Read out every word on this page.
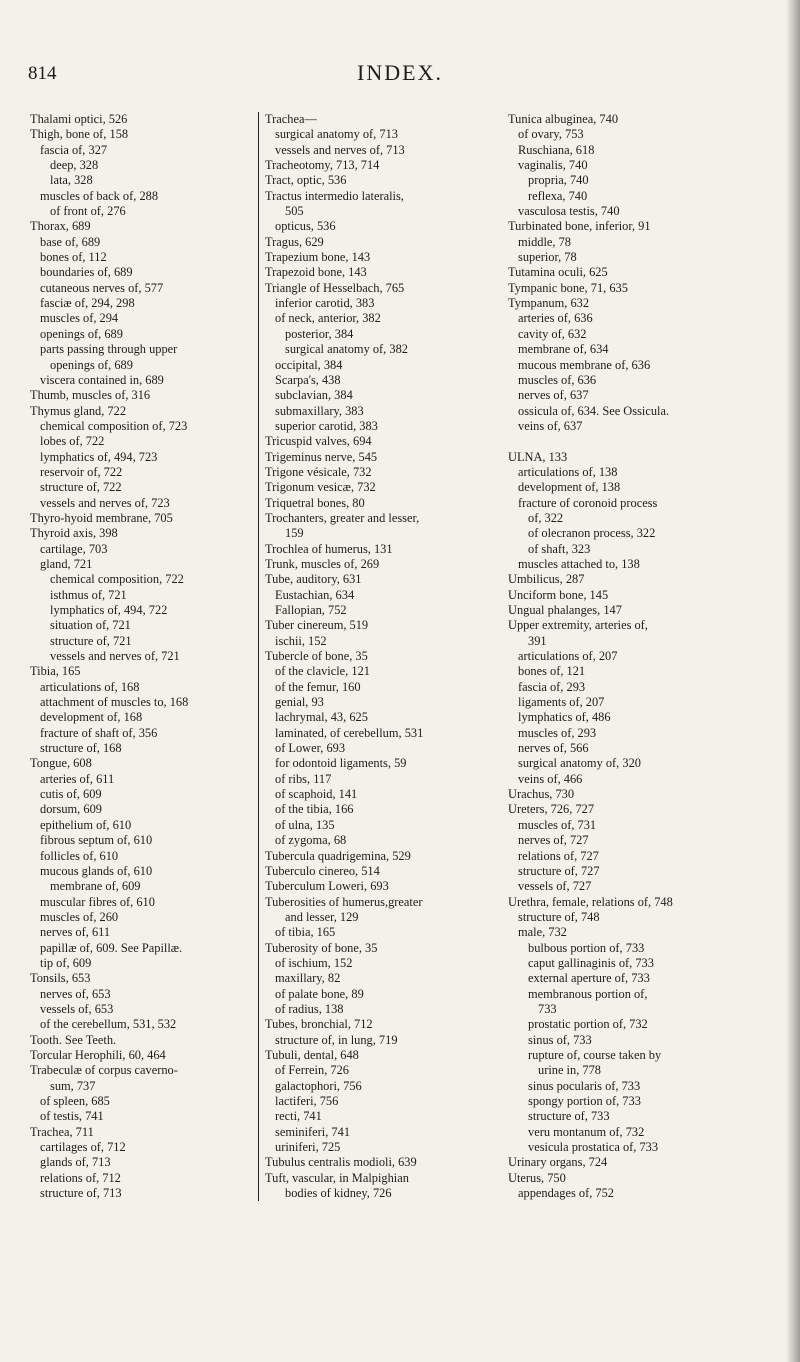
814	INDEX.
Thalami optici, 526
Thigh, bone of, 158
fascia of, 327
deep, 328
lata, 328
muscles of back of, 288
of front of, 276
Thorax, 689
base of, 689
bones of, 112
boundaries of, 689
cutaneous nerves of, 577
fasciæ of, 294, 298
muscles of, 294
openings of, 689
parts passing through upper
openings of, 689
viscera contained in, 689
Thumb, muscles of, 316
Thymus gland, 722
chemical composition of, 723
lobes of, 722
lymphatics of, 494, 723
reservoir of, 722
structure of, 722
vessels and nerves of, 723
Thyro-hyoid membrane, 705
Thyroid axis, 398
cartilage, 703
gland, 721
chemical composition, 722
isthmus of, 721
lymphatics of, 494, 722
situation of, 721
structure of, 721
vessels and nerves of, 721
Tibia, 165
articulations of, 168
attachment of muscles to, 168
development of, 168
fracture of shaft of, 356
structure of, 168
Tongue, 608
arteries of, 611
cutis of, 609
dorsum, 609
epithelium of, 610
fibrous septum of, 610
follicles of, 610
mucous glands of, 610
membrane of, 609
muscular fibres of, 610
muscles of, 260
nerves of, 611
papillæ of, 609. See Papillæ.
tip of, 609
Tonsils, 653
nerves of, 653
vessels of, 653
of the cerebellum, 531, 532
Tooth. See Teeth.
Torcular Herophili, 60, 464
Trabeculæ of corpus caverno-
sum, 737
of spleen, 685
of testis, 741
Trachea, 711
cartilages of, 712
glands of, 713
relations of, 712
structure of, 713
Trachea—
surgical anatomy of, 713
vessels and nerves of, 713
Tracheotomy, 713, 714
Tract, optic, 536
Tractus intermedio lateralis,
505
opticus, 536
Tragus, 629
Trapezium bone, 143
Trapezoid bone, 143
Triangle of Hesselbach, 765
inferior carotid, 383
of neck, anterior, 382
posterior, 384
surgical anatomy of, 382
occipital, 384
Scarpa's, 438
subclavian, 384
submaxillary, 383
superior carotid, 383
Tricuspid valves, 694
Trigeminus nerve, 545
Trigone vésicale, 732
Trigonum vesicæ, 732
Triquetral bones, 80
Trochanters, greater and lesser,
159
Trochlea of humerus, 131
Trunk, muscles of, 269
Tube, auditory, 631
Eustachian, 634
Fallopian, 752
Tuber cinereum, 519
ischii, 152
Tubercle of bone, 35
of the clavicle, 121
of the femur, 160
genial, 93
lachrymal, 43, 625
laminated, of cerebellum, 531
of Lower, 693
for odontoid ligaments, 59
of ribs, 117
of scaphoid, 141
of the tibia, 166
of ulna, 135
of zygoma, 68
Tubercula quadrigemina, 529
Tuberculo cinereo, 514
Tuberculum Loweri, 693
Tuberosities of humerus,greater
and lesser, 129
of tibia, 165
Tuberosity of bone, 35
of ischium, 152
maxillary, 82
of palate bone, 89
of radius, 138
Tubes, bronchial, 712
structure of, in lung, 719
Tubuli, dental, 648
of Ferrein, 726
galactophori, 756
lactiferi, 756
recti, 741
seminiferi, 741
uriniferi, 725
Tubulus centralis modioli, 639
Tuft, vascular, in Malpighian
bodies of kidney, 726
Tunica albuginea, 740
of ovary, 753
Ruschiana, 618
vaginalis, 740
propria, 740
reflexa, 740
vasculosa testis, 740
Turbinated bone, inferior, 91
middle, 78
superior, 78
Tutamina oculi, 625
Tympanic bone, 71, 635
Tympanum, 632
arteries of, 636
cavity of, 632
membrane of, 634
mucous membrane of, 636
muscles of, 636
nerves of, 637
ossicula of, 634. See Ossicula.
veins of, 637

ULNA, 133
articulations of, 138
development of, 138
fracture of coronoid process
of, 322
of olecranon process, 322
of shaft, 323
muscles attached to, 138
Umbilicus, 287
Unciform bone, 145
Ungual phalanges, 147
Upper extremity, arteries of,
391
articulations of, 207
bones of, 121
fascia of, 293
ligaments of, 207
lymphatics of, 486
muscles of, 293
nerves of, 566
surgical anatomy of, 320
veins of, 466
Urachus, 730
Ureters, 726, 727
muscles of, 731
nerves of, 727
relations of, 727
structure of, 727
vessels of, 727
Urethra, female, relations of, 748
structure of, 748
male, 732
bulbous portion of, 733
caput gallinaginis of, 733
external aperture of, 733
membranous portion of,
733
prostatic portion of, 732
sinus of, 733
rupture of, course taken by
urine in, 778
sinus pocularis of, 733
spongy portion of, 733
structure of, 733
veru montanum of, 732
vesicula prostatica of, 733
Urinary organs, 724
Uterus, 750
appendages of, 752
